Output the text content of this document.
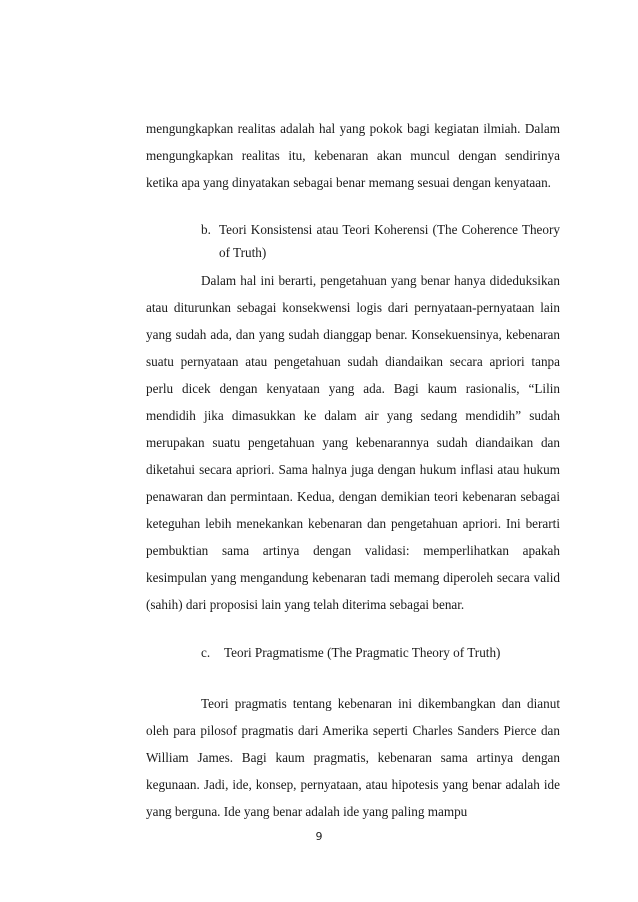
mengungkapkan realitas adalah hal yang pokok bagi kegiatan ilmiah. Dalam
mengungkapkan realitas itu, kebenaran akan muncul dengan sendirinya
ketika apa yang dinyatakan sebagai benar memang sesuai dengan kenyataan.
b. Teori Konsistensi atau Teori Koherensi (The Coherence Theory
of Truth)
Dalam hal ini berarti, pengetahuan yang benar hanya dideduksikan
atau diturunkan sebagai konsekwensi logis dari pernyataan-pernyataan lain
yang sudah ada, dan yang sudah dianggap benar. Konsekuensinya, kebenaran
suatu pernyataan atau pengetahuan sudah diandaikan secara apriori tanpa
perlu dicek dengan kenyataan yang ada. Bagi kaum rasionalis, “Lilin
mendidih jika dimasukkan ke dalam air yang sedang mendidih” sudah
merupakan suatu pengetahuan yang kebenarannya sudah diandaikan dan
diketahui secara apriori. Sama halnya juga dengan hukum inflasi atau hukum
penawaran dan permintaan. Kedua, dengan demikian teori kebenaran sebagai
keteguhan lebih menekankan kebenaran dan pengetahuan apriori. Ini berarti
pembuktian sama artinya dengan validasi: memperlihatkan apakah
kesimpulan yang mengandung kebenaran tadi memang diperoleh secara valid
(sahih) dari proposisi lain yang telah diterima sebagai benar.
c. Teori Pragmatisme (The Pragmatic Theory of Truth)
Teori pragmatis tentang kebenaran ini dikembangkan dan dianut
oleh para pilosof pragmatis dari Amerika seperti Charles Sanders Pierce dan
William James. Bagi kaum pragmatis, kebenaran sama artinya dengan
kegunaan. Jadi, ide, konsep, pernyataan, atau hipotesis yang benar adalah ide
yang berguna. Ide yang benar adalah ide yang paling mampu
9
